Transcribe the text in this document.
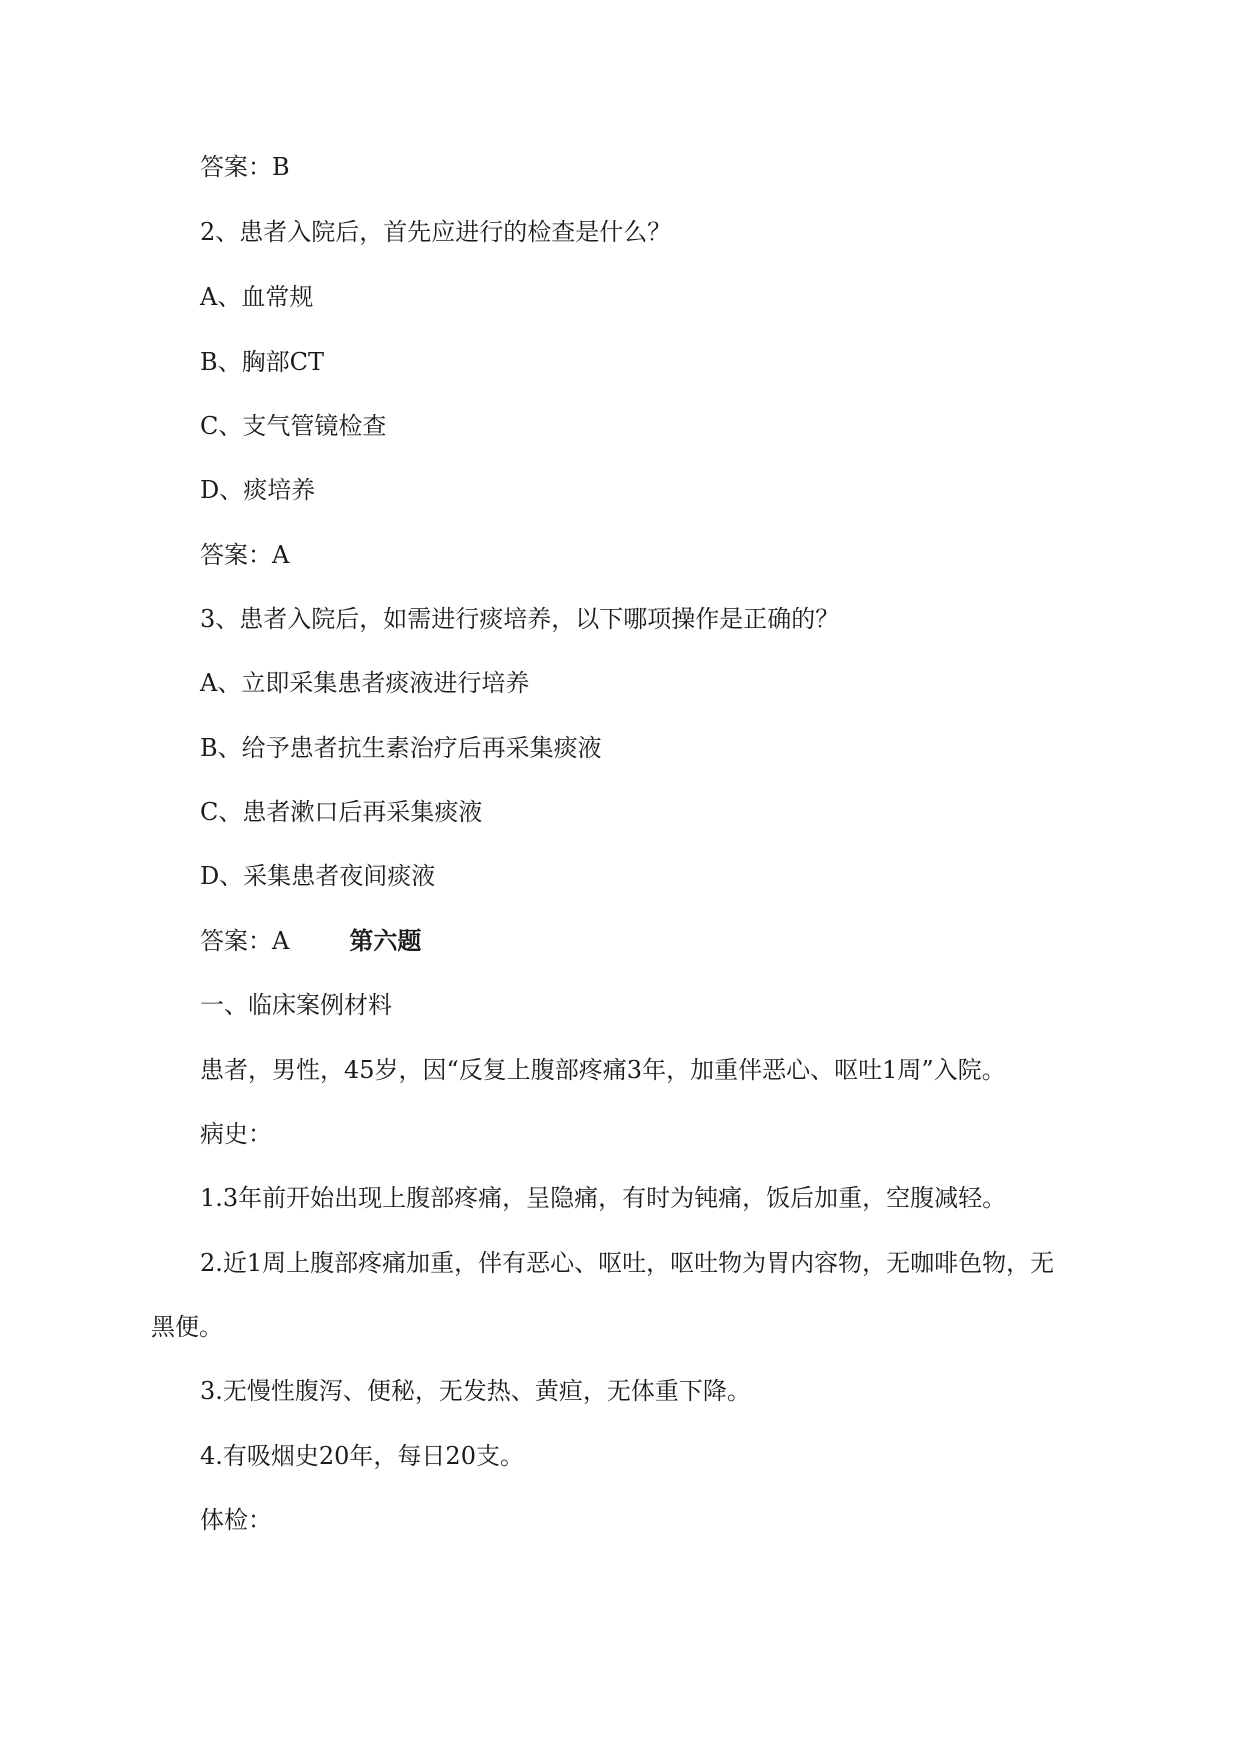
答案：B
2、患者入院后，首先应进行的检查是什么？
A、血常规
B、胸部CT
C、支气管镜检查
D、痰培养
答案：A
3、患者入院后，如需进行痰培养，以下哪项操作是正确的？
A、立即采集患者痰液进行培养
B、给予患者抗生素治疗后再采集痰液
C、患者漱口后再采集痰液
D、采集患者夜间痰液
答案：A	第六题
一、临床案例材料
患者，男性，45岁，因“反复上腹部疼痛3年，加重伴恶心、呕吐1周”入院。
病史：
1.3年前开始出现上腹部疼痛，呈隐痛，有时为钝痛，饭后加重，空腹减轻。
2.近1周上腹部疼痛加重，伴有恶心、呕吐，呕吐物为胃内容物，无咖啡色物，无
黑便。
3.无慢性腹泻、便秘，无发热、黄疸，无体重下降。
4.有吸烟史20年，每日20支。
体检：
